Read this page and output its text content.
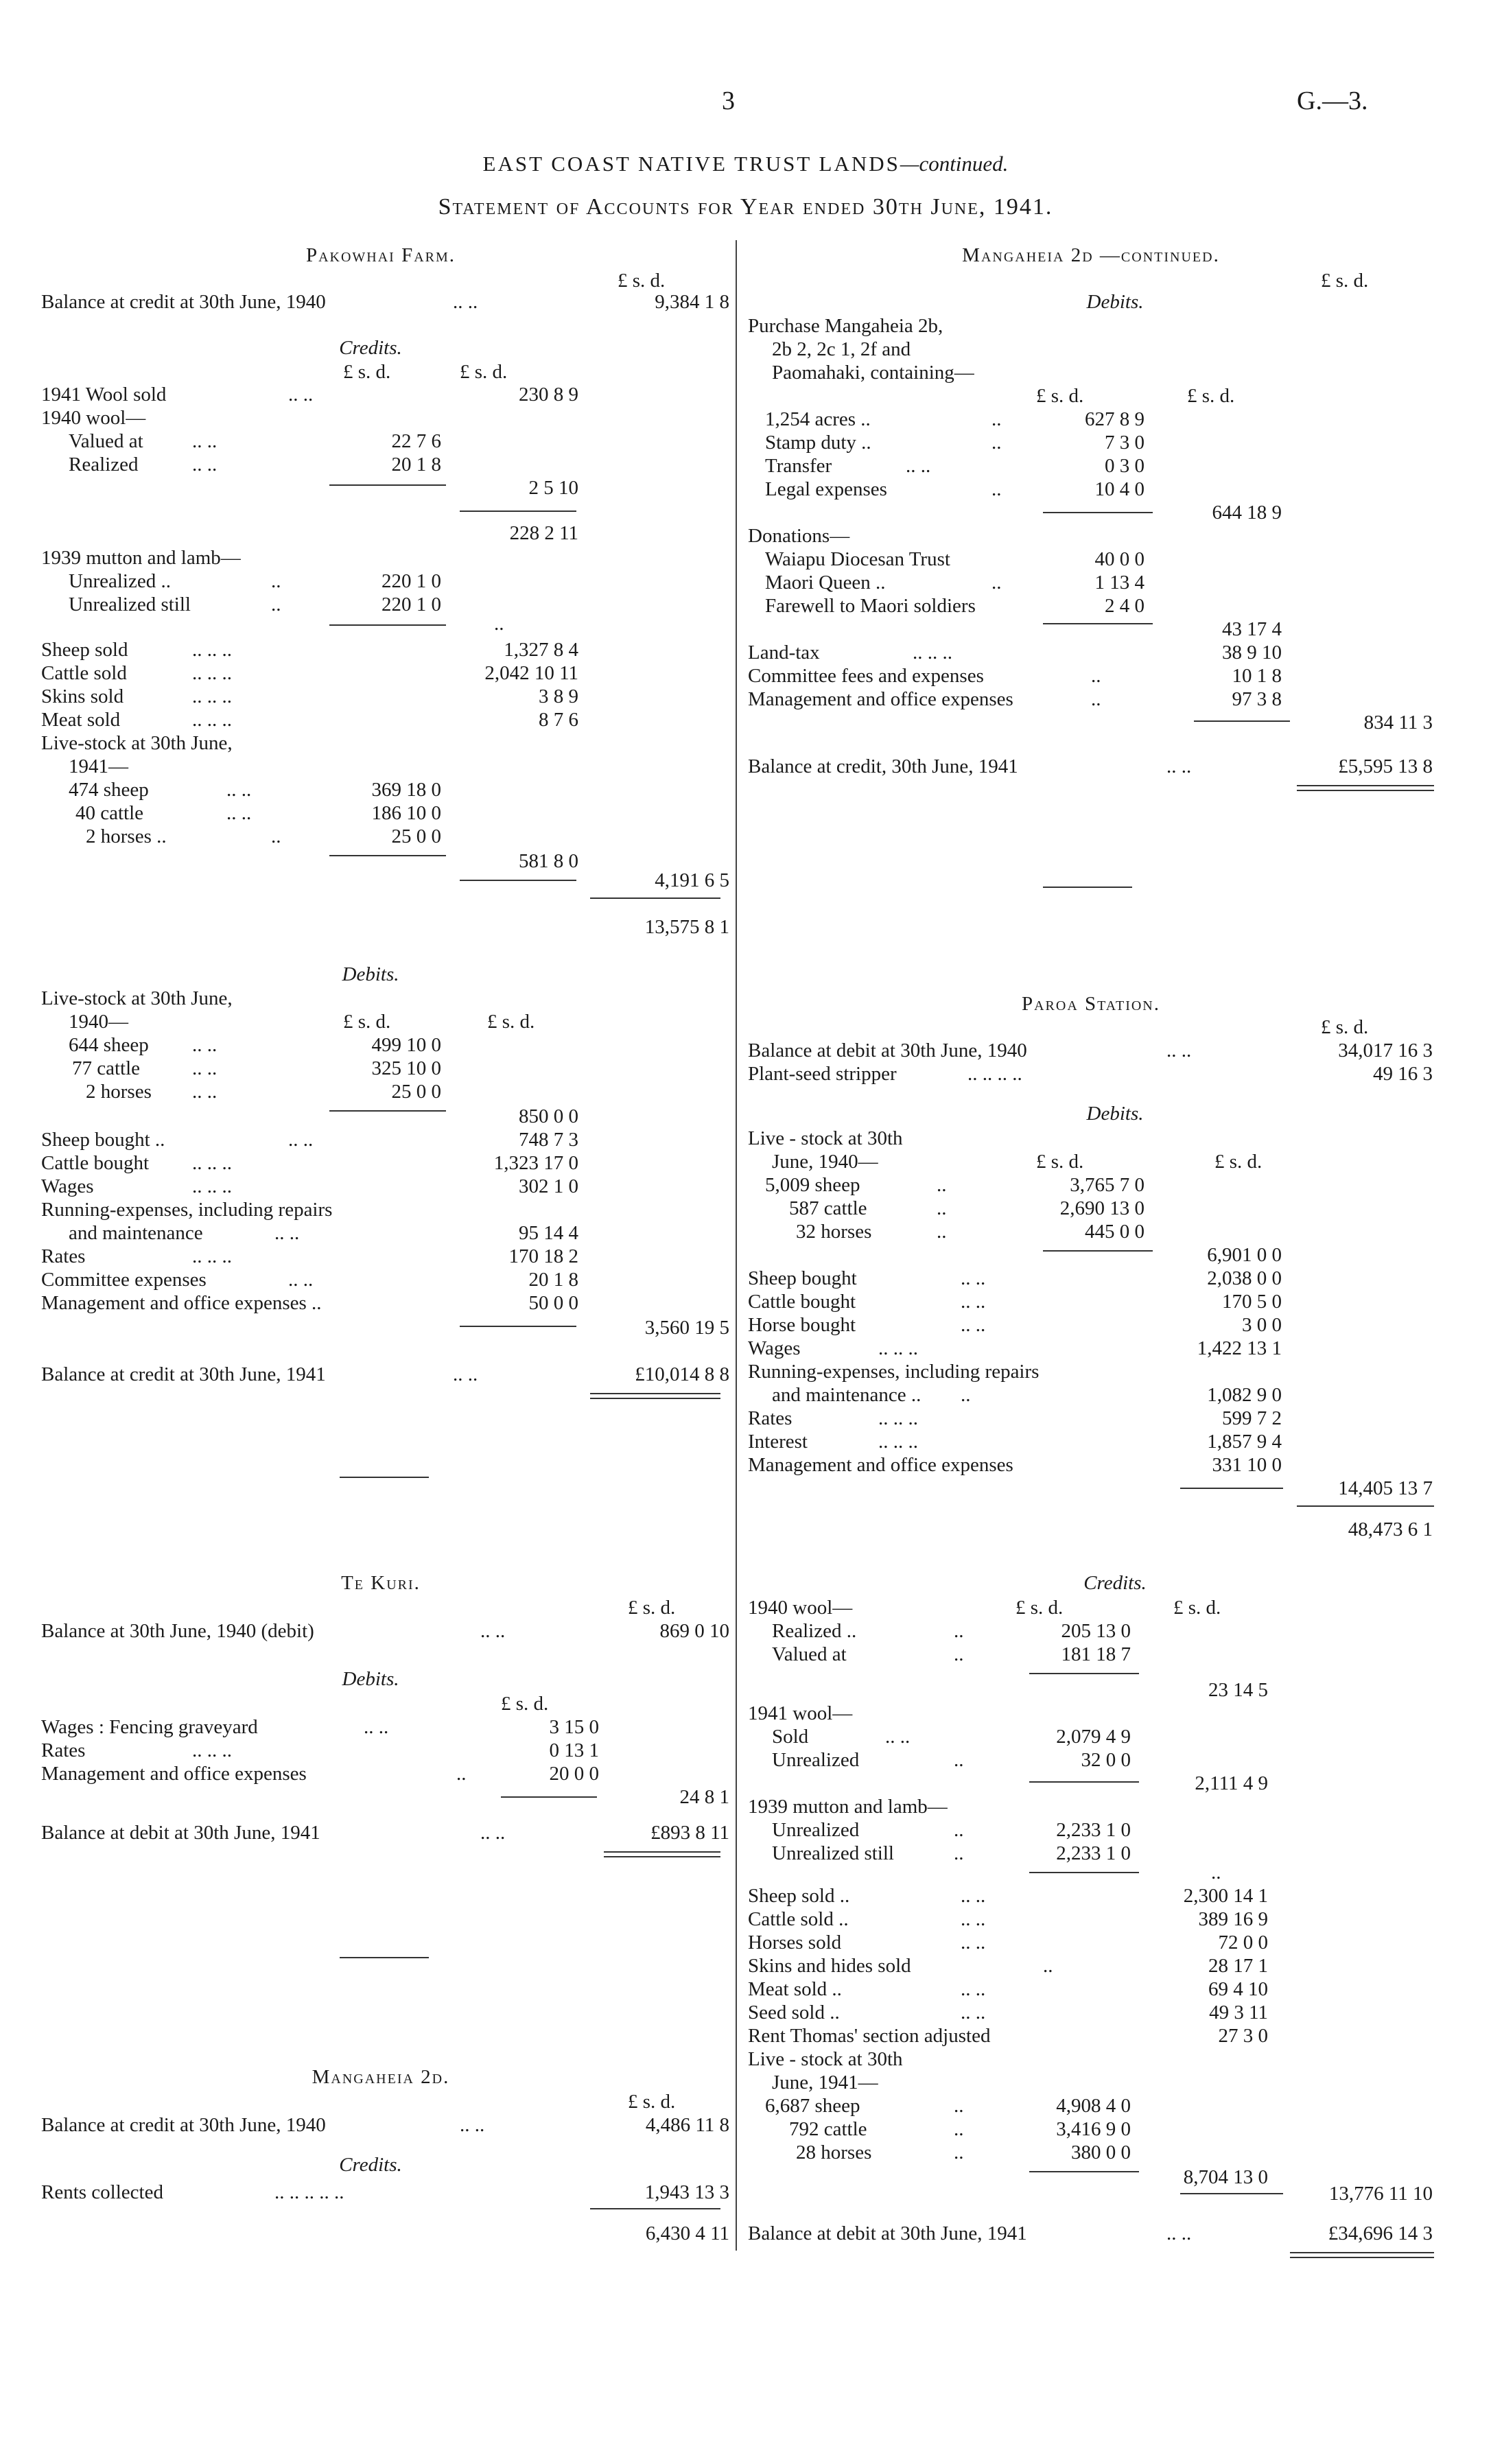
3	G.—3.
EAST COAST NATIVE TRUST LANDS—continued.
Statement of Accounts for Year ended 30th June, 1941.
Pakowhai Farm.
£ s. d.
Balance at credit at 30th June, 1940	.. ..	9,384 1 8
Credits.
£ s. d.	£ s. d.
1941 Wool sold	.. ..	230 8 9
1940 wool—
Valued at .. ..	22 7 6
Realized	.. ..	20 1 8
2 5 10
228 2 11
1939 mutton and lamb—
Unrealized ..	..	220 1 0
Unrealized still	..	220 1 0
..
Sheep sold	.. .. ..	1,327 8 4
Cattle sold	.. .. ..	2,042 10 11
Skins sold	.. .. ..	3 8 9
Meat sold	.. .. ..	8 7 6
Live-stock at 30th June,
1941—
474 sheep	.. ..	369 18 0
40 cattle	.. ..	186 10 0
2 horses ..	..	25 0 0
581 8 0
4,191 6 5
13,575 8 1
Debits.
Live-stock at 30th June,
1940—	£ s. d.	£ s. d.
644 sheep .. ..	499 10 0
77 cattle	.. ..	325 10 0
2 horses .. ..	25 0 0
850 0 0
Sheep bought ..	.. ..	748 7 3
Cattle bought .. .. ..	1,323 17 0
Wages	.. .. ..	302 1 0
Running-expenses, including repairs
and maintenance	.. ..	95 14 4
Rates	.. .. ..	170 18 2
Committee expenses	.. ..	20 1 8
Management and office expenses ..	50 0 0
3,560 19 5
Balance at credit at 30th June, 1941	.. ..	£10,014 8 8
Te Kuri.
£ s. d.
Balance at 30th June, 1940 (debit)	.. ..	869 0 10
Debits.
£ s. d.
Wages : Fencing graveyard	.. ..	3 15 0
Rates	.. .. ..	0 13 1
Management and office expenses	..	20 0 0
24 8 1
Balance at debit at 30th June, 1941	.. ..	£893 8 11
Mangaheia 2d.
£ s. d.
Balance at credit at 30th June, 1940	.. ..	4,486 11 8
Credits.
Rents collected	.. .. .. .. ..	1,943 13 3
6,430 4 11
Mangaheia 2d —continued.
£ s. d.
Debits.
Purchase Mangaheia 2b,
2b 2, 2c 1, 2f and
Paomahaki, containing—
£ s. d.	£ s. d.
1,254 acres ..	..	627 8 9
Stamp duty ..	..	7 3 0
Transfer	.. ..	0 3 0
Legal expenses	..	10 4 0
644 18 9
Donations—
Waiapu Diocesan Trust	40 0 0
Maori Queen ..	..	1 13 4
Farewell to Maori soldiers	2 4 0
43 17 4
Land-tax	.. .. ..	38 9 10
Committee fees and expenses	..	10 1 8
Management and office expenses	..	97 3 8
834 11 3
Balance at credit, 30th June, 1941	.. ..	£5,595 13 8
Paroa Station.
£ s. d.
Balance at debit at 30th June, 1940	.. ..	34,017 16 3
Plant-seed stripper	.. .. .. ..	49 16 3
Debits.
Live - stock at 30th
June, 1940—	£ s. d.	£ s. d.
5,009 sheep	..	3,765 7 0
587 cattle	..	2,690 13 0
32 horses	..	445 0 0
6,901 0 0
Sheep bought	.. ..	2,038 0 0
Cattle bought	.. ..	170 5 0
Horse bought	.. ..	3 0 0
Wages	.. .. ..	1,422 13 1
Running-expenses, including repairs
and maintenance .. ..	1,082 9 0
Rates	.. .. ..	599 7 2
Interest	.. .. ..	1,857 9 4
Management and office expenses	331 10 0
14,405 13 7
48,473 6 1
Credits.
1940 wool—	£ s. d.	£ s. d.
Realized ..	..	205 13 0
Valued at	..	181 18 7
23 14 5
1941 wool—
Sold	.. ..	2,079 4 9
Unrealized	..	32 0 0
2,111 4 9
1939 mutton and lamb—
Unrealized	..	2,233 1 0
Unrealized still	..	2,233 1 0
..
Sheep sold ..	.. ..	2,300 14 1
Cattle sold ..	.. ..	389 16 9
Horses sold	.. ..	72 0 0
Skins and hides sold	..	28 17 1
Meat sold ..	.. ..	69 4 10
Seed sold ..	.. ..	49 3 11
Rent Thomas' section adjusted	27 3 0
Live - stock at 30th
June, 1941—
6,687 sheep	..	4,908 4 0
792 cattle	..	3,416 9 0
28 horses	..	380 0 0
8,704 13 0
13,776 11 10
Balance at debit at 30th June, 1941	.. ..	£34,696 14 3
